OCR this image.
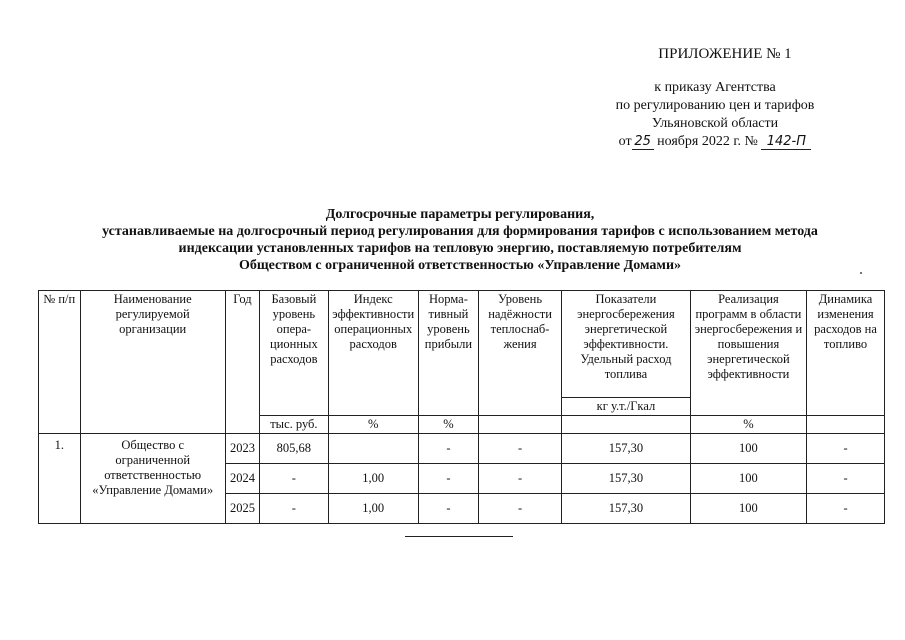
ПРИЛОЖЕНИЕ № 1
к приказу Агентства
по регулированию цен и тарифов
Ульяновской области
от 25 ноября 2022 г. № 142-П
Долгосрочные параметры регулирования,
устанавливаемые на долгосрочный период регулирования для формирования тарифов с использованием метода
индексации установленных тарифов на тепловую энергию, поставляемую потребителям
Обществом с ограниченной ответственностью «Управление Домами»
№ п/п	Наименование регулируемой организации	Год	Базовый уровень опера-ционных расходов	Индекс эффективности операционных расходов	Норма-тивный уровень прибыли	Уровень надёжности теплоснаб-жения	Показатели энергосбережения энергетической эффективности. Удельный расход топлива	Реализация программ в области энергосбережения и повышения энергетической эффективности	Динамика изменения расходов на топливо
							кг у.т./Гкал		
			тыс. руб.	%	%			%	
1.	Общество с ограниченной ответственностью «Управление Домами»	2023	805,68		-	-	157,30	100	-
		2024	-	1,00	-	-	157,30	100	-
		2025	-	1,00	-	-	157,30	100	-
